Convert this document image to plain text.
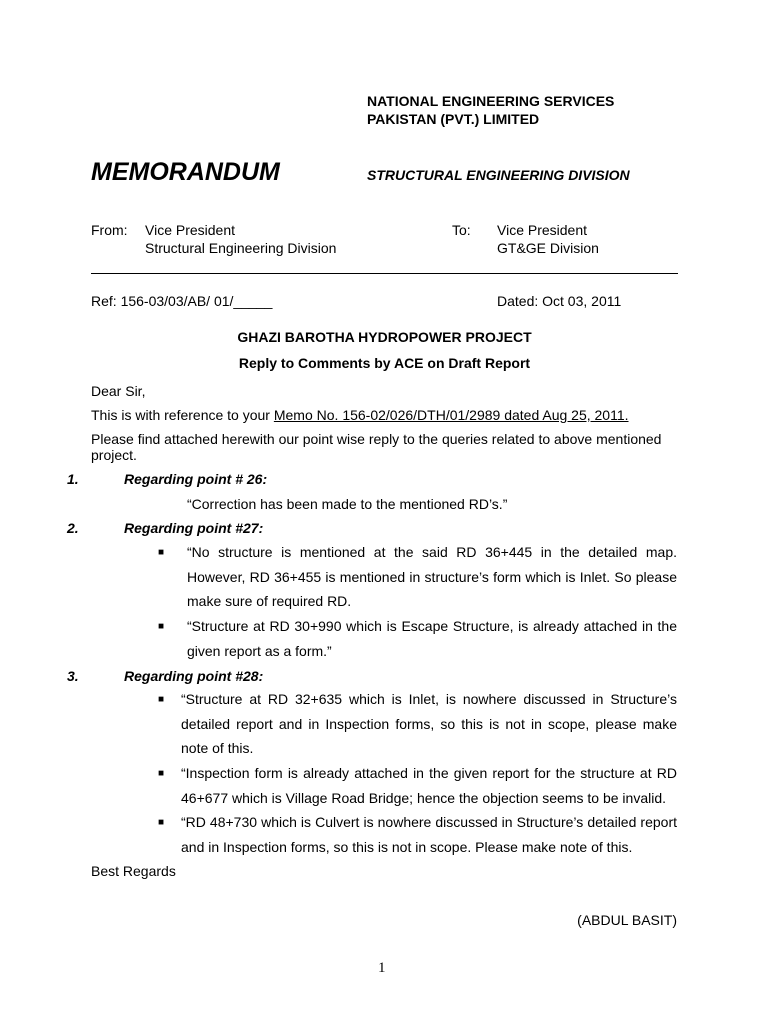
NATIONAL ENGINEERING SERVICES
PAKISTAN (PVT.) LIMITED
MEMORANDUM	STRUCTURAL ENGINEERING DIVISION
From: Vice President
Structural Engineering Division
To: Vice President
GT&GE Division
Ref: 156-03/03/AB/ 01/_____	Dated: Oct 03, 2011
GHAZI BAROTHA HYDROPOWER PROJECT
Reply to Comments by ACE on Draft Report
Dear Sir,
This is with reference to your Memo No. 156-02/026/DTH/01/2989 dated Aug 25, 2011.
Please find attached herewith our point wise reply to the queries related to above mentioned
project.
1.	Regarding point # 26:
“Correction has been made to the mentioned RD’s.”
2.	Regarding point #27:
■ “No structure is mentioned at the said RD 36+445 in the detailed map. However, RD 36+455 is mentioned in structure’s form which is Inlet. So please make sure of required RD.
■ “Structure at RD 30+990 which is Escape Structure, is already attached in the given report as a form.”
3.	Regarding point #28:
■ “Structure at RD 32+635 which is Inlet, is nowhere discussed in Structure’s detailed report and in Inspection forms, so this is not in scope, please make note of this.
■ “Inspection form is already attached in the given report for the structure at RD 46+677 which is Village Road Bridge; hence the objection seems to be invalid.
■ “RD 48+730 which is Culvert is nowhere discussed in Structure’s detailed report and in Inspection forms, so this is not in scope. Please make note of this.
Best Regards
(ABDUL BASIT)
1
